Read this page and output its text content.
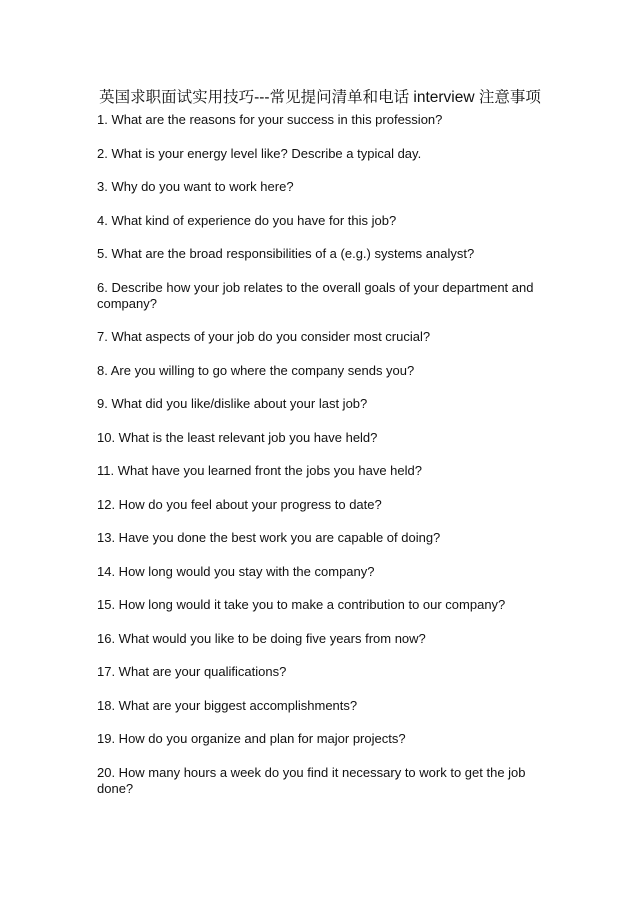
英国求职面试实用技巧---常见提问清单和电话 interview 注意事项
1. What are the reasons for your success in this profession?
2. What is your energy level like? Describe a typical day.
3. Why do you want to work here?
4. What kind of experience do you have for this job?
5. What are the broad responsibilities of a (e.g.) systems analyst?
6. Describe how your job relates to the overall goals of your department and company?
7. What aspects of your job do you consider most crucial?
8. Are you willing to go where the company sends you?
9. What did you like/dislike about your last job?
10. What is the least relevant job you have held?
11. What have you learned front the jobs you have held?
12. How do you feel about your progress to date?
13. Have you done the best work you are capable of doing?
14. How long would you stay with the company?
15. How long would it take you to make a contribution to our company?
16. What would you like to be doing five years from now?
17. What are your qualifications?
18. What are your biggest accomplishments?
19. How do you organize and plan for major projects?
20. How many hours a week do you find it necessary to work to get the job done?
